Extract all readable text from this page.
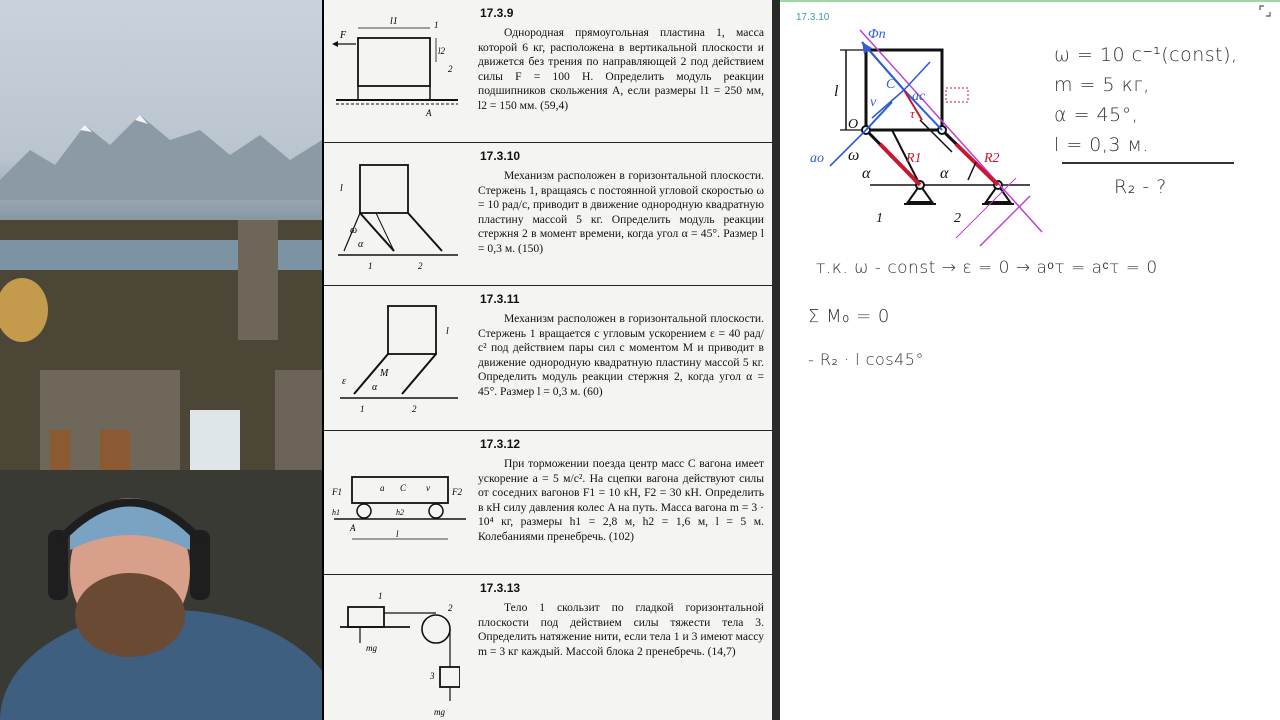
F
l1
l2
1
2
A
17.3.9
Однородная прямоугольная пластина 1, масса которой 6 кг, расположена в вертикальной плоскости и движется без трения по направляющей 2 под действием силы F = 100 Н. Определить модуль реакции подшипников скольжения A, если размеры l1 = 250 мм, l2 = 150 мм. (59,4)
l
ω
α
1	2
17.3.10
Механизм расположен в горизонтальной плоскости. Стержень 1, вращаясь с постоянной угловой скоростью ω = 10 рад/с, приводит в движение однородную квадратную пластину массой 5 кг. Определить модуль реакции стержня 2 в момент времени, когда угол α = 45°. Размер l = 0,3 м. (150)
l
M
ε
α
1	2
17.3.11
Механизм расположен в горизонтальной плоскости. Стержень 1 вращается с угловым ускорением ε = 40 рад/с² под действием пары сил с моментом M и приводит в движение однородную квадратную пластину массой 5 кг. Определить модуль реакции стержня 2, когда угол α = 45°. Размер l = 0,3 м. (60)
F1	F2
a C v
h1	h2
A
l
17.3.12
При торможении поезда центр масс C вагона имеет ускорение a = 5 м/с². На сцепки вагона действуют силы от соседних вагонов F1 = 10 кН, F2 = 30 кН. Определить в кН силу давления колес A на путь. Масса вагона m = 3 · 10⁴ кг, размеры h1 = 2,8 м, h2 = 1,6 м, l = 5 м. Колебаниями пренебречь. (102)
mg
mg
1
2
3
17.3.13
Тело 1 скользит по гладкой горизонтальной плоскости под действием силы тяжести тела 3. Определить натяжение нити, если тела 1 и 3 имеют массу m = 3 кг каждый. Массой блока 2 пренебречь. (14,7)
17.3.10
Φn
C
ac
v
l
O
τ
ao ω	R1	R2
α	α
1	2
ω = 10 c⁻¹(const),
m = 5 кг,
α = 45°,
l = 0,3 м.
R₂ - ?
т.к. ω - const → ε = 0 → aᵒτ = aᶜτ = 0
Σ M₀ = 0
- R₂ · l cos45°
